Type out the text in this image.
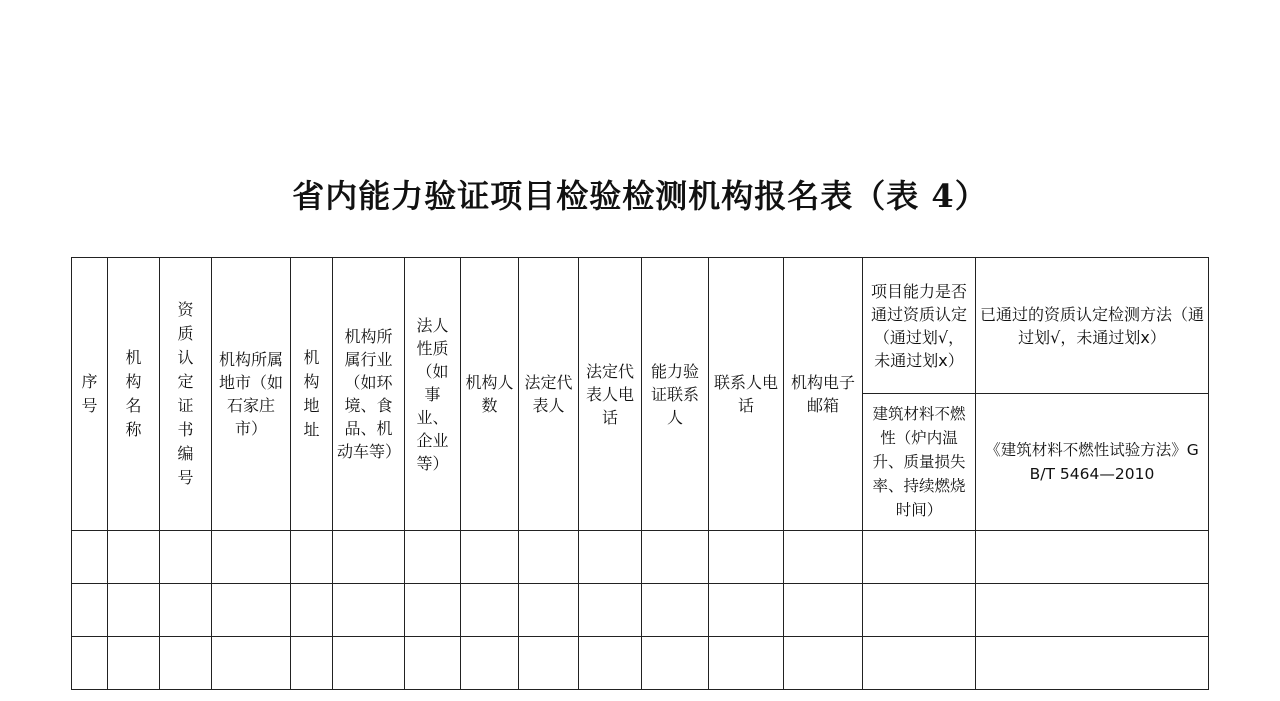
省内能力验证项目检验检测机构报名表（表 4）
序号	机构名称	资质认定证书编号	机构所属地市（如石家庄市）	机构地址	机构所属行业（如环境、食品、机动车等）	法人性质（如事业、企业等）	机构人数	法定代表人	法定代表人电话	能力验证联系人	联系人电话	机构电子邮箱	项目能力是否通过资质认定（通过划√，未通过划x）	已通过的资质认定检测方法（通过划√，未通过划x）
													建筑材料不燃性（炉内温升、质量损失率、持续燃烧时间）	《建筑材料不燃性试验方法》GB/T 5464—2010
